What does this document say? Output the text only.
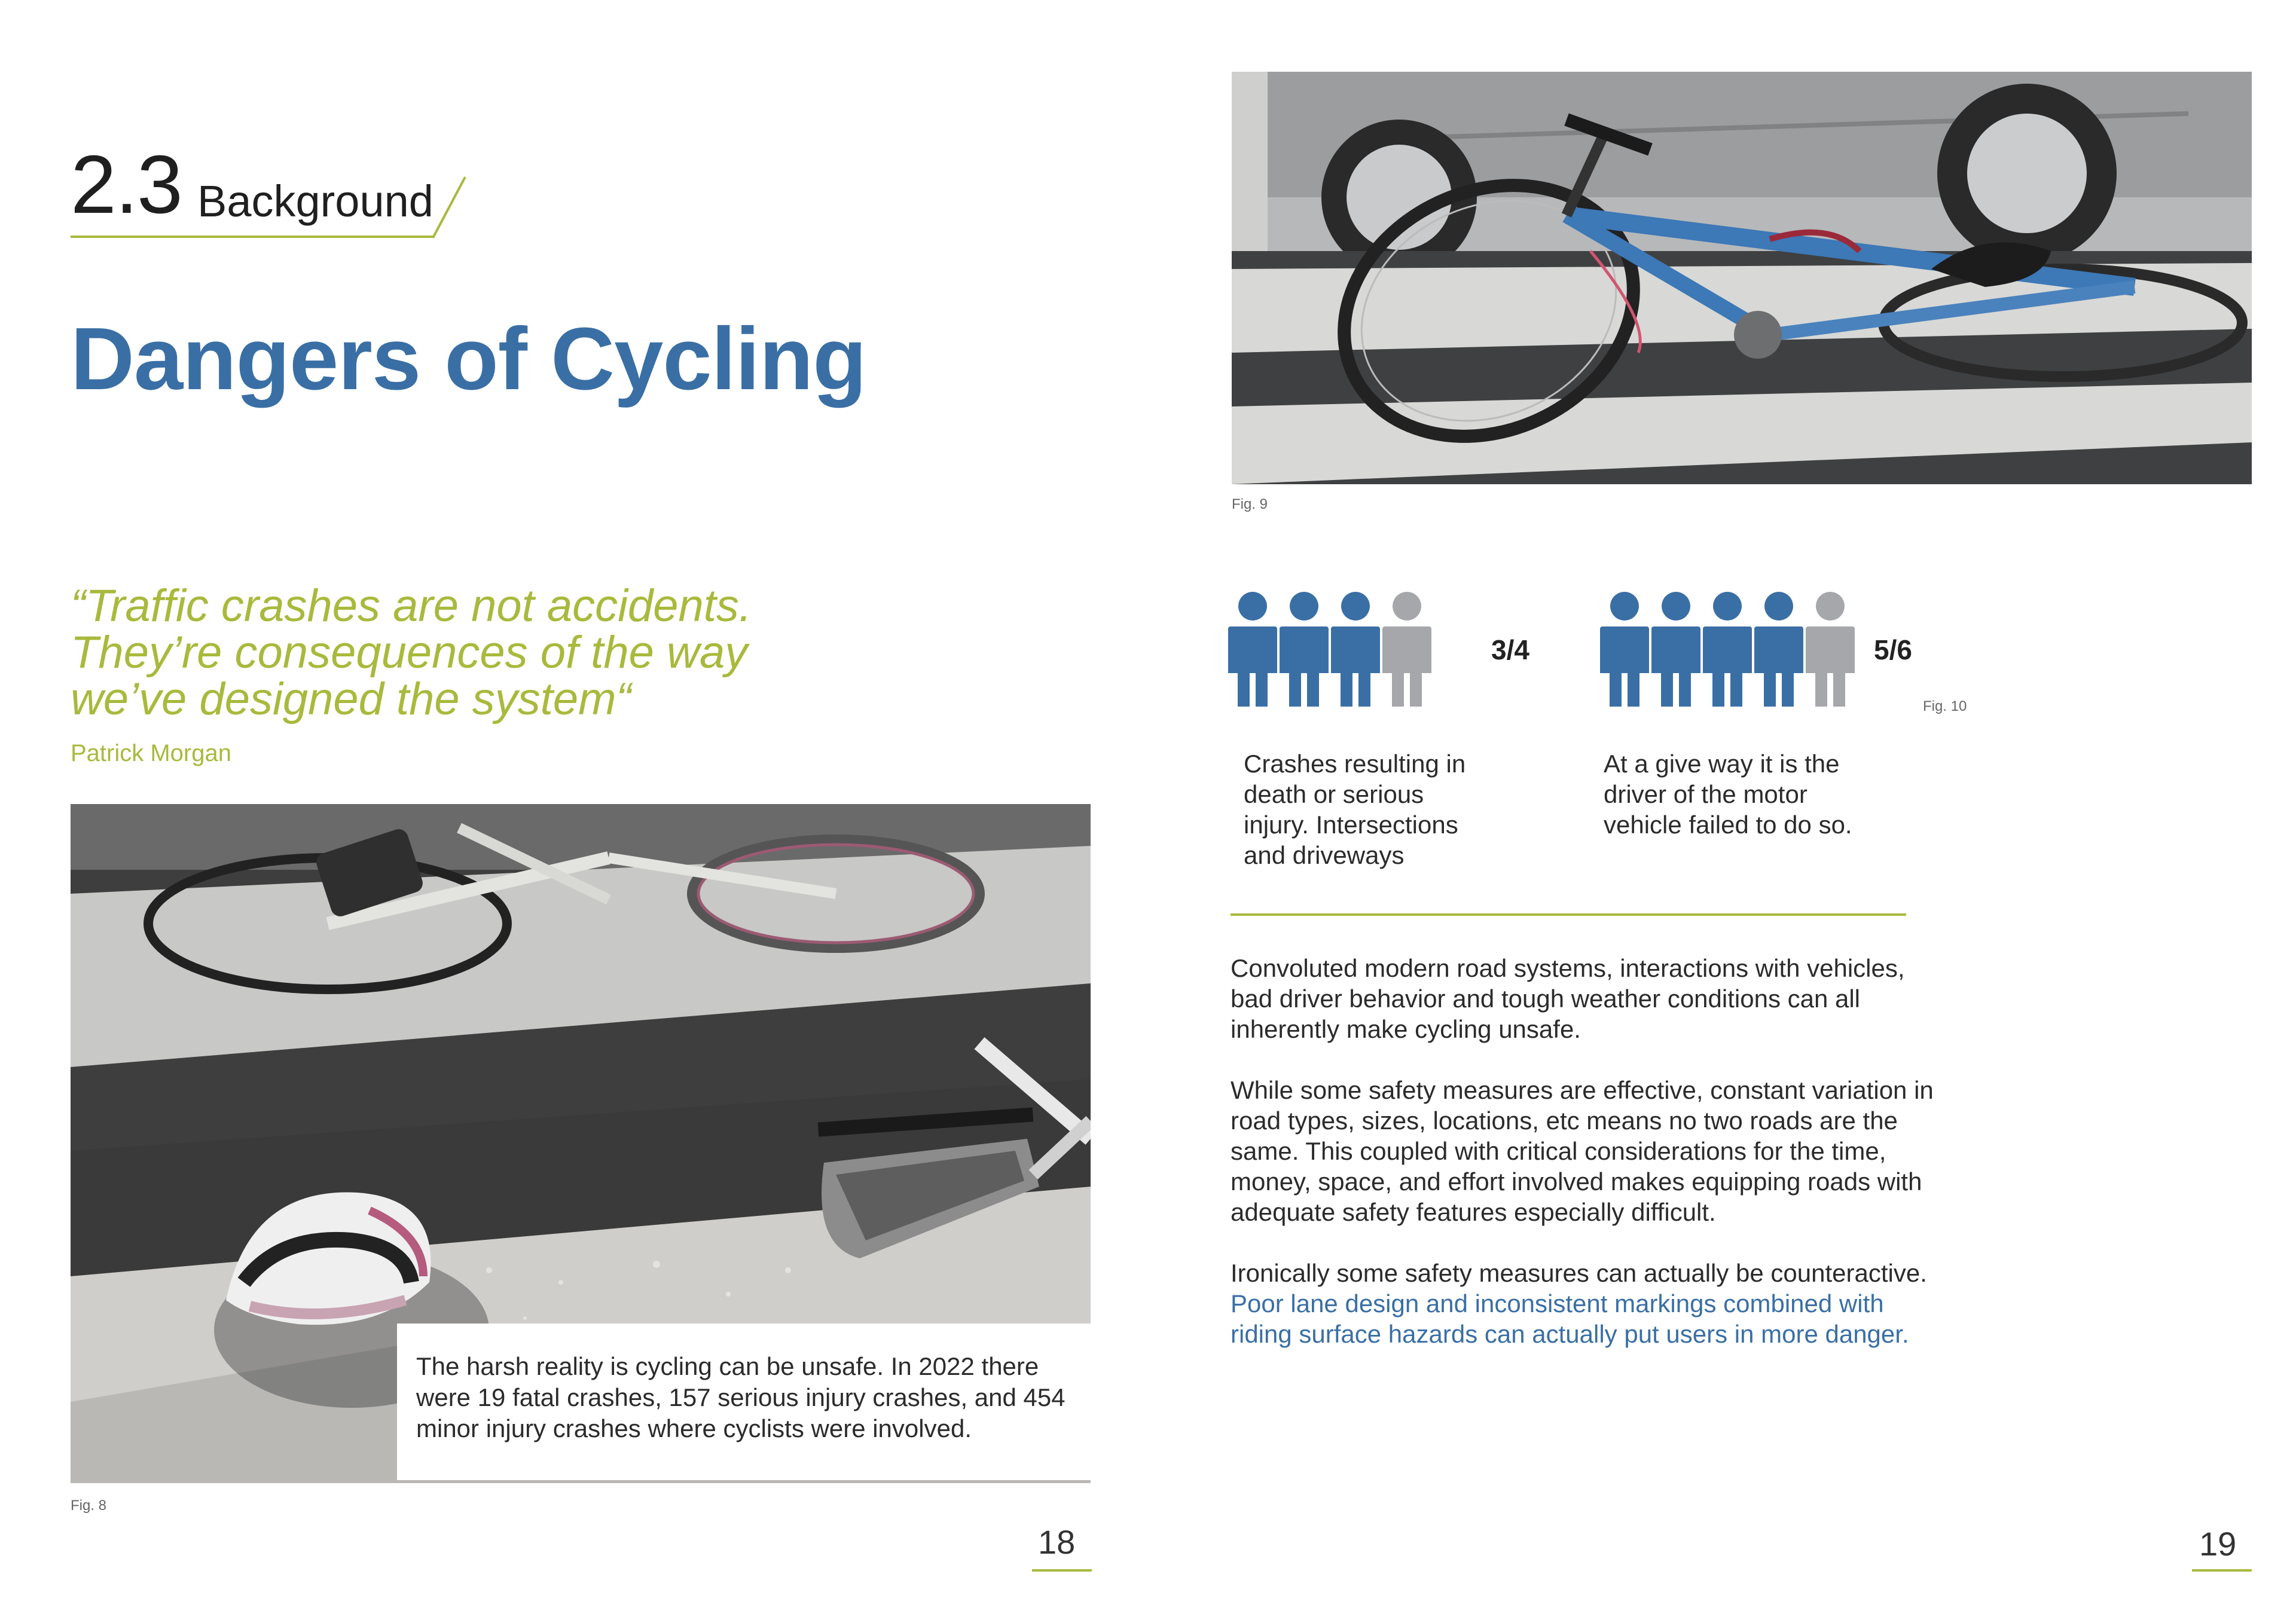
2.3 Background
Dangers of Cycling
“Traffic crashes are not accidents.
They’re consequences of the way
we’ve designed the system“
Patrick Morgan
The harsh reality is cycling can be unsafe. In 2022 there were 19 fatal crashes, 157 serious injury crashes, and 454 minor injury crashes where cyclists were involved.
Fig. 8
18
Fig. 9
3/4
Crashes resulting in death or serious injury. Intersections and driveways
5/6
At a give way it is the driver of the motor vehicle failed to do so.
Fig. 10

Convoluted modern road systems, interactions with vehicles, bad driver behavior and tough weather conditions can all inherently make cycling unsafe.

While some safety measures are effective, constant variation in road types, sizes, locations, etc means no two roads are the same. This coupled with critical considerations for the time, money, space, and effort involved makes equipping roads with adequate safety features especially difficult.

Ironically some safety measures can actually be counteractive. Poor lane design and inconsistent markings combined with riding surface hazards can actually put users in more danger.

19
